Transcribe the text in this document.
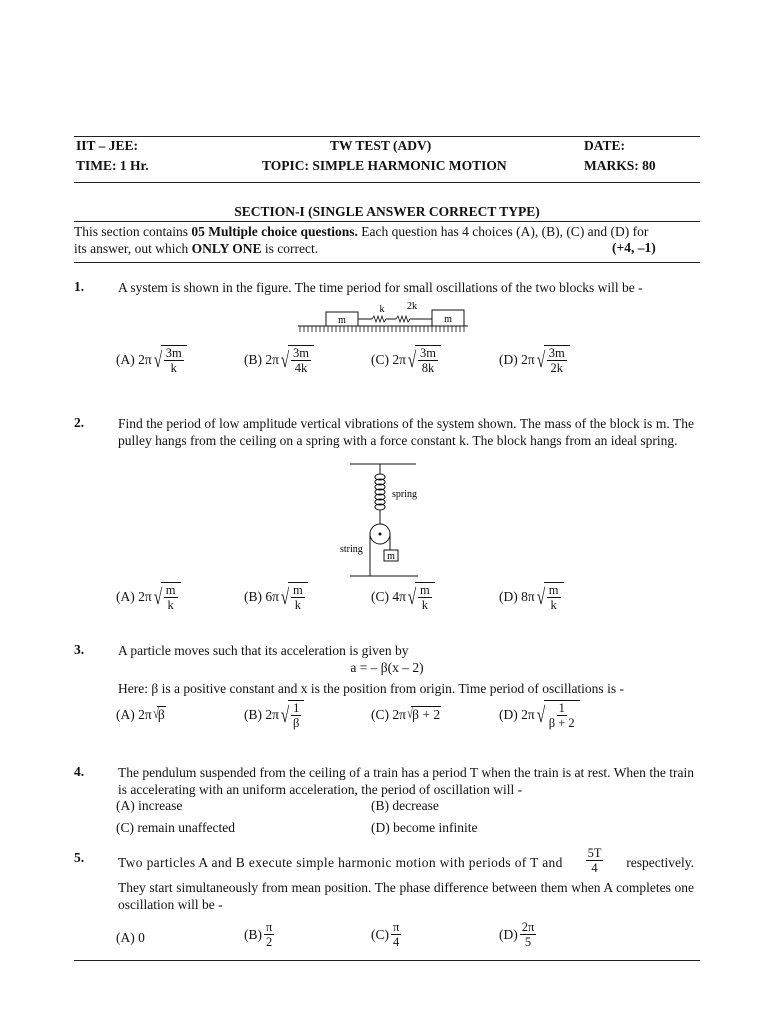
IIT – JEE:	TW TEST (ADV)	DATE:
TIME: 1 Hr.	TOPIC: SIMPLE HARMONIC MOTION	MARKS: 80
SECTION-I (SINGLE ANSWER CORRECT TYPE)
This section contains 05 Multiple choice questions. Each question has 4 choices (A), (B), (C) and (D) for
its answer, out which ONLY ONE is correct.	(+4, –1)
1.	A system is shown in the figure. The time period for small oscillations of the two blocks will be -
m
k 2k
m
(A) 2π √ $\frac{3m}{k}$	(B) 2π √ $\frac{3m}{4k}$	(C) 2π √ $\frac{3m}{8k}$	(D) 2π √ $\frac{3m}{2k}$
2.	Find the period of low amplitude vertical vibrations of the system shown. The mass of the block is m. The pulley hangs from the ceiling on a spring with a force constant k. The block hangs from an ideal spring.
spring
m
string
(A) 2π √ $\frac{m}{k}$	(B) 6π √ $\frac{m}{k}$	(C) 4π √ $\frac{m}{k}$	(D) 8π √ $\frac{m}{k}$
3.	A particle moves such that its acceleration is given by
a = – β(x – 2)
Here: β is a positive constant and x is the position from origin. Time period of oscillations is -
(A) 2π √ β	(B) 2π √ $\frac{1}{\beta}$	(C) 2π √ β + 2	(D) 2π √ $\frac{1}{\beta + 2}$
4.	The pendulum suspended from the ceiling of a train has a period T when the train is at rest. When the train is accelerating with an uniform acceleration, the period of oscillation will -
(A) increase	(B) decrease
(C) remain unaffected	(D) become infinite
5.	Two particles A and B execute simple harmonic motion with periods of T and $\frac{5T}{4}$ respectively.
They start simultaneously from mean position. The phase difference between them when A completes one oscillation will be -
(A) 0	$(B) \frac{\pi}{2}$	$(C) \frac{\pi}{4}$	$(D) \frac{2\pi}{5}$
